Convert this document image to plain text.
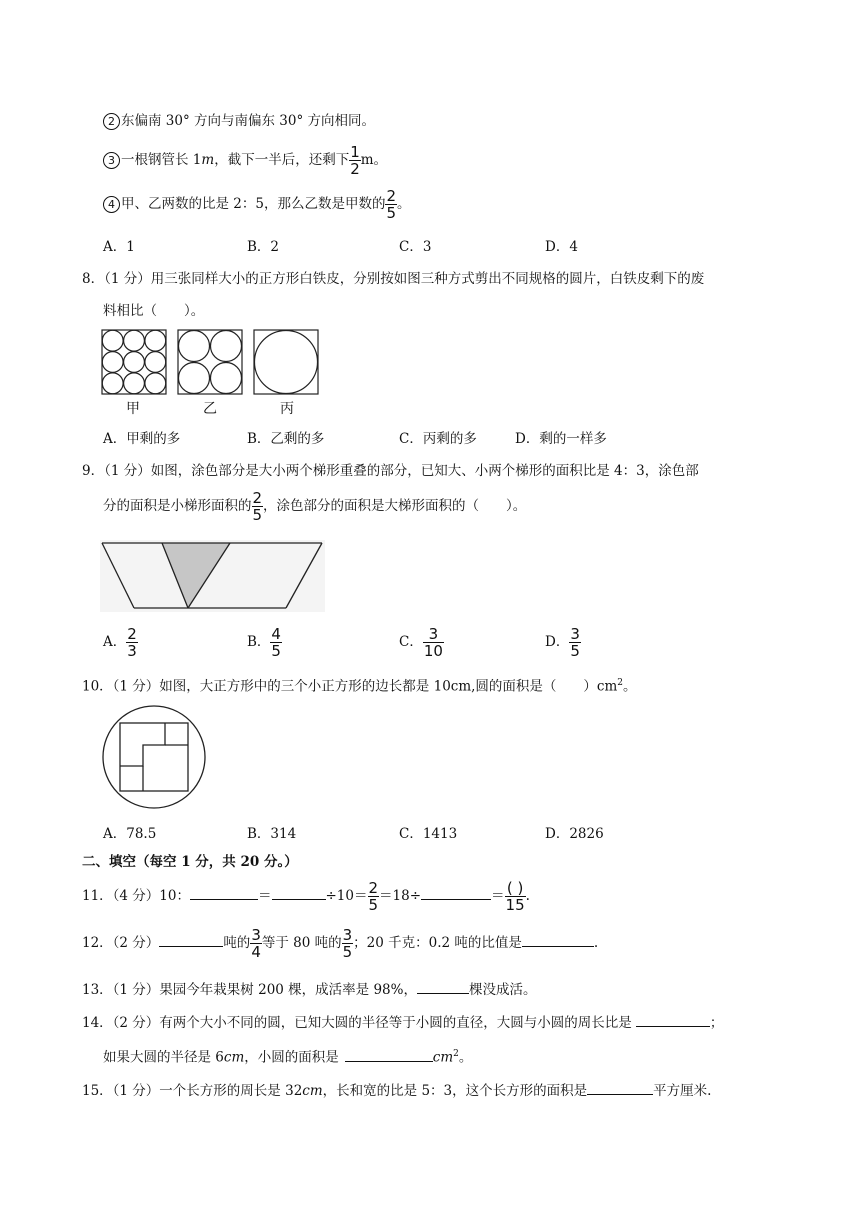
2 东偏南 30° 方向与南偏东 30° 方向相同。
3 一根钢管长 1m，截下一半后，还剩下 $\frac{1}{2}$ m。
4 甲、乙两数的比是 2：5，那么乙数是甲数的 $\frac{2}{5}$ 。
A．1	B．2	C．3	D．4
8．（1 分）用三张同样大小的正方形白铁皮，分别按如图三种方式剪出不同规格的圆片，白铁皮剩下的废
料相比（　　）。
甲	乙	丙
A．甲剩的多	B．乙剩的多	C．丙剩的多	D．剩的一样多
9．（1 分）如图，涂色部分是大小两个梯形重叠的部分，已知大、小两个梯形的面积比是 4：3，涂色部
分的面积是小梯形面积的 $\frac{2}{5}$ ，涂色部分的面积是大梯形面积的（　　）。
A． $\frac{2}{3}$	B． $\frac{4}{5}$	C． $\frac{3}{10}$	D． $\frac{3}{5}$
10．（1 分）如图，大正方形中的三个小正方形的边长都是 10cm,圆的面积是（　　）$cm^2$。
A．78.5	B．314	C．1413	D．2826
二、填空（每空 1 分，共 20 分。）
11．（4 分）10：	＝	$\div 10= \frac{2}{5} =18\div$	＝ $\frac{( )}{15}$ .
12．（2 分）	吨的 $\frac{3}{4}$ 等于 80 吨的 $\frac{3}{5}$ ；20 千克：0.2 吨的比值是	.
13．（1 分）果园今年栽果树 200 棵，成活率是 98%，	棵没成活。
14．（2 分）有两个大小不同的圆，已知大圆的半径等于小圆的直径，大圆与小圆的周长比是	；
如果大圆的半径是 6cm，小圆的面积是	$cm^2$。
15．（1 分）一个长方形的周长是 32cm，长和宽的比是 5：3，这个长方形的面积是	平方厘米.
